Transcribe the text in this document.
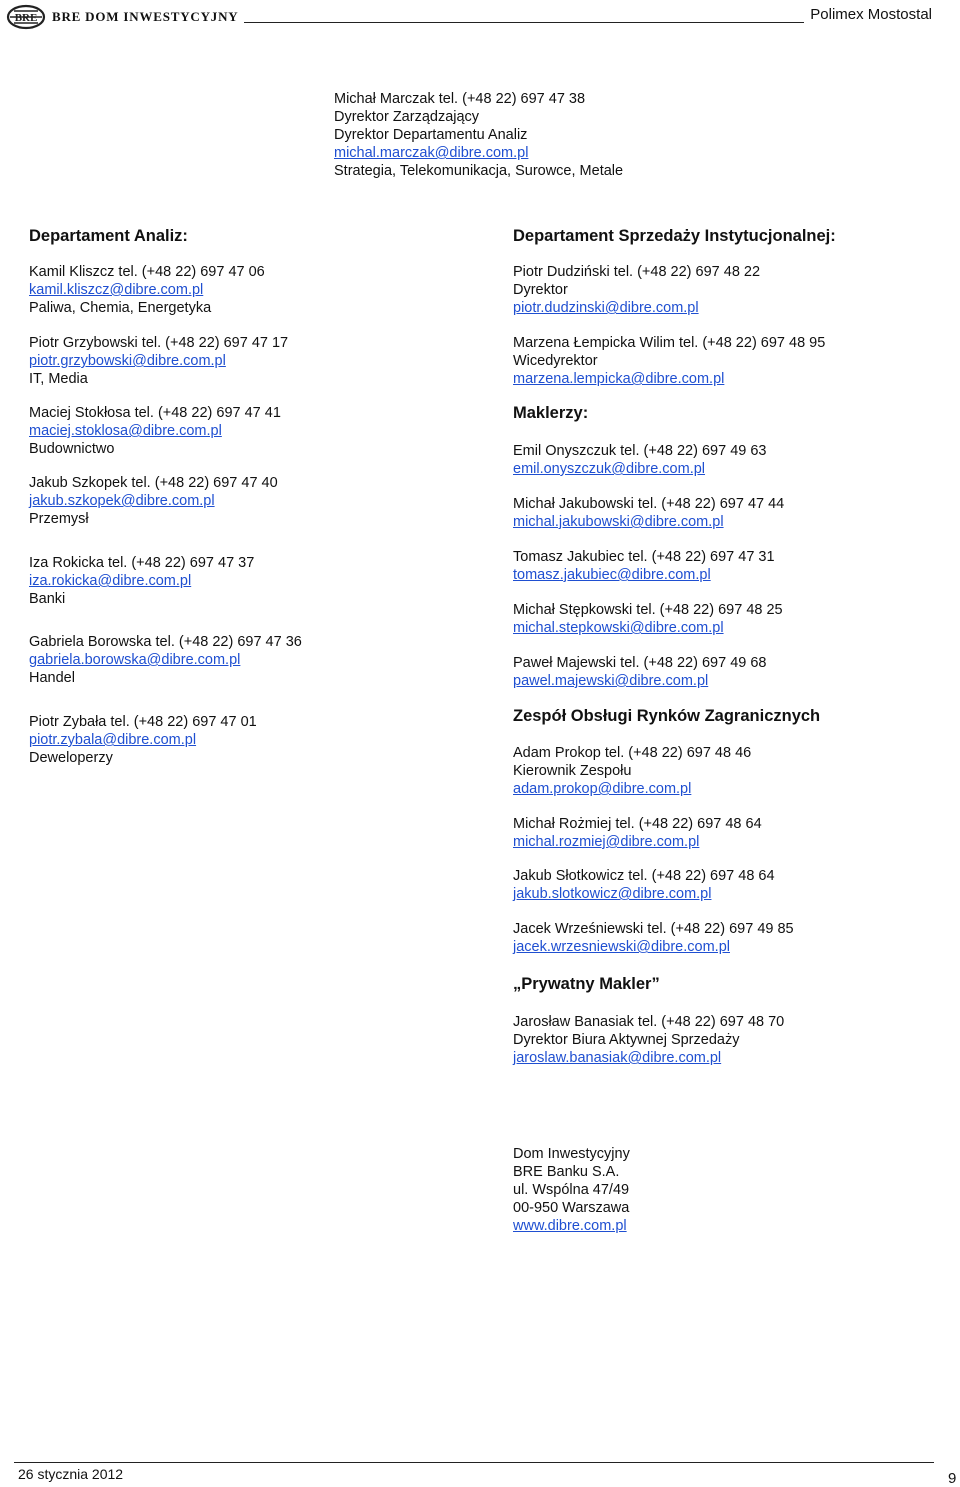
BRE BRE DOM INWESTYCYJNY	Polimex Mostostal
Michał Marczak tel. (+48 22) 697 47 38
Dyrektor Zarządzający
Dyrektor Departamentu Analiz
michal.marczak@dibre.com.pl
Strategia, Telekomunikacja, Surowce, Metale
Departament Analiz:
Kamil Kliszcz tel. (+48 22) 697 47 06
kamil.kliszcz@dibre.com.pl
Paliwa, Chemia, Energetyka
Piotr Grzybowski tel. (+48 22) 697 47 17
piotr.grzybowski@dibre.com.pl
IT, Media
Maciej Stokłosa tel. (+48 22) 697 47 41
maciej.stoklosa@dibre.com.pl
Budownictwo
Jakub Szkopek tel. (+48 22) 697 47 40
jakub.szkopek@dibre.com.pl
Przemysł
Iza Rokicka tel. (+48 22) 697 47 37
iza.rokicka@dibre.com.pl
Banki
Gabriela Borowska tel. (+48 22) 697 47 36
gabriela.borowska@dibre.com.pl
Handel
Piotr Zybała tel. (+48 22) 697 47 01
piotr.zybala@dibre.com.pl
Deweloperzy
Departament Sprzedaży Instytucjonalnej:
Piotr Dudziński tel. (+48 22) 697 48 22
Dyrektor
piotr.dudzinski@dibre.com.pl
Marzena Łempicka Wilim tel. (+48 22) 697 48 95
Wicedyrektor
marzena.lempicka@dibre.com.pl
Maklerzy:
Emil Onyszczuk tel. (+48 22) 697 49 63
emil.onyszczuk@dibre.com.pl
Michał Jakubowski tel. (+48 22) 697 47 44
michal.jakubowski@dibre.com.pl
Tomasz Jakubiec tel. (+48 22) 697 47 31
tomasz.jakubiec@dibre.com.pl
Michał Stępkowski tel. (+48 22) 697 48 25
michal.stepkowski@dibre.com.pl
Paweł Majewski tel. (+48 22) 697 49 68
pawel.majewski@dibre.com.pl
Zespół Obsługi Rynków Zagranicznych
Adam Prokop tel. (+48 22) 697 48 46
Kierownik Zespołu
adam.prokop@dibre.com.pl
Michał Rożmiej tel. (+48 22) 697 48 64
michal.rozmiej@dibre.com.pl
Jakub Słotkowicz tel. (+48 22) 697 48 64
jakub.slotkowicz@dibre.com.pl
Jacek Wrześniewski tel. (+48 22) 697 49 85
jacek.wrzesniewski@dibre.com.pl
„Prywatny Makler”
Jarosław Banasiak tel. (+48 22) 697 48 70
Dyrektor Biura Aktywnej Sprzedaży
jaroslaw.banasiak@dibre.com.pl
Dom Inwestycyjny
BRE Banku S.A.
ul. Wspólna 47/49
00-950 Warszawa
www.dibre.com.pl
26 stycznia 2012	9
